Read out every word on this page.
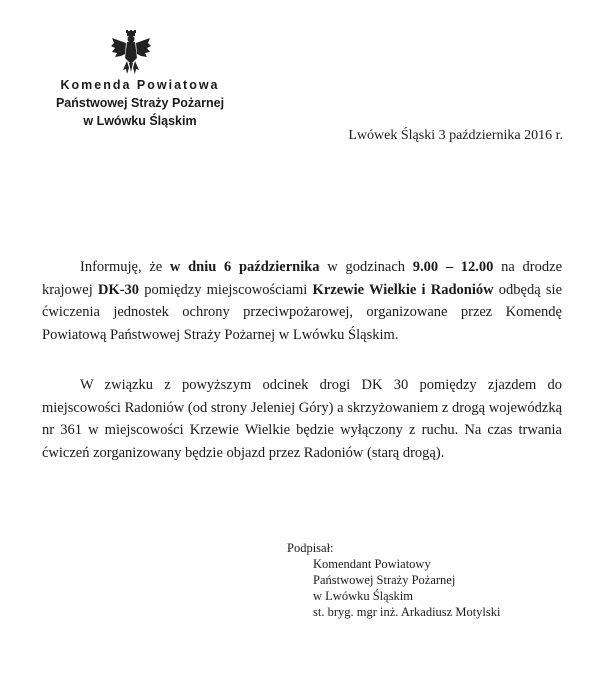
Komenda Powiatowa
Państwowej Straży Pożarnej
w Lwówku Śląskim
Lwówek Śląski 3 października 2016 r.

Informuję, że w dniu 6 października w godzinach 9.00 – 12.00 na drodze krajowej DK-30 pomiędzy miejscowościami Krzewie Wielkie i Radoniów odbędą sie ćwiczenia jednostek ochrony przeciwpożarowej, organizowane przez Komendę Powiatową Państwowej Straży Pożarnej w Lwówku Śląskim.

W związku z powyższym odcinek drogi DK 30 pomiędzy zjazdem do miejscowości Radoniów (od strony Jeleniej Góry) a skrzyżowaniem z drogą wojewódzką nr 361 w miejscowości Krzewie Wielkie będzie wyłączony z ruchu. Na czas trwania ćwiczeń zorganizowany będzie objazd przez Radoniów (starą drogą).

Podpisał:
Komendant Powiatowy
Państwowej Straży Pożarnej
w Lwówku Śląskim
st. bryg. mgr inż. Arkadiusz Motylski
